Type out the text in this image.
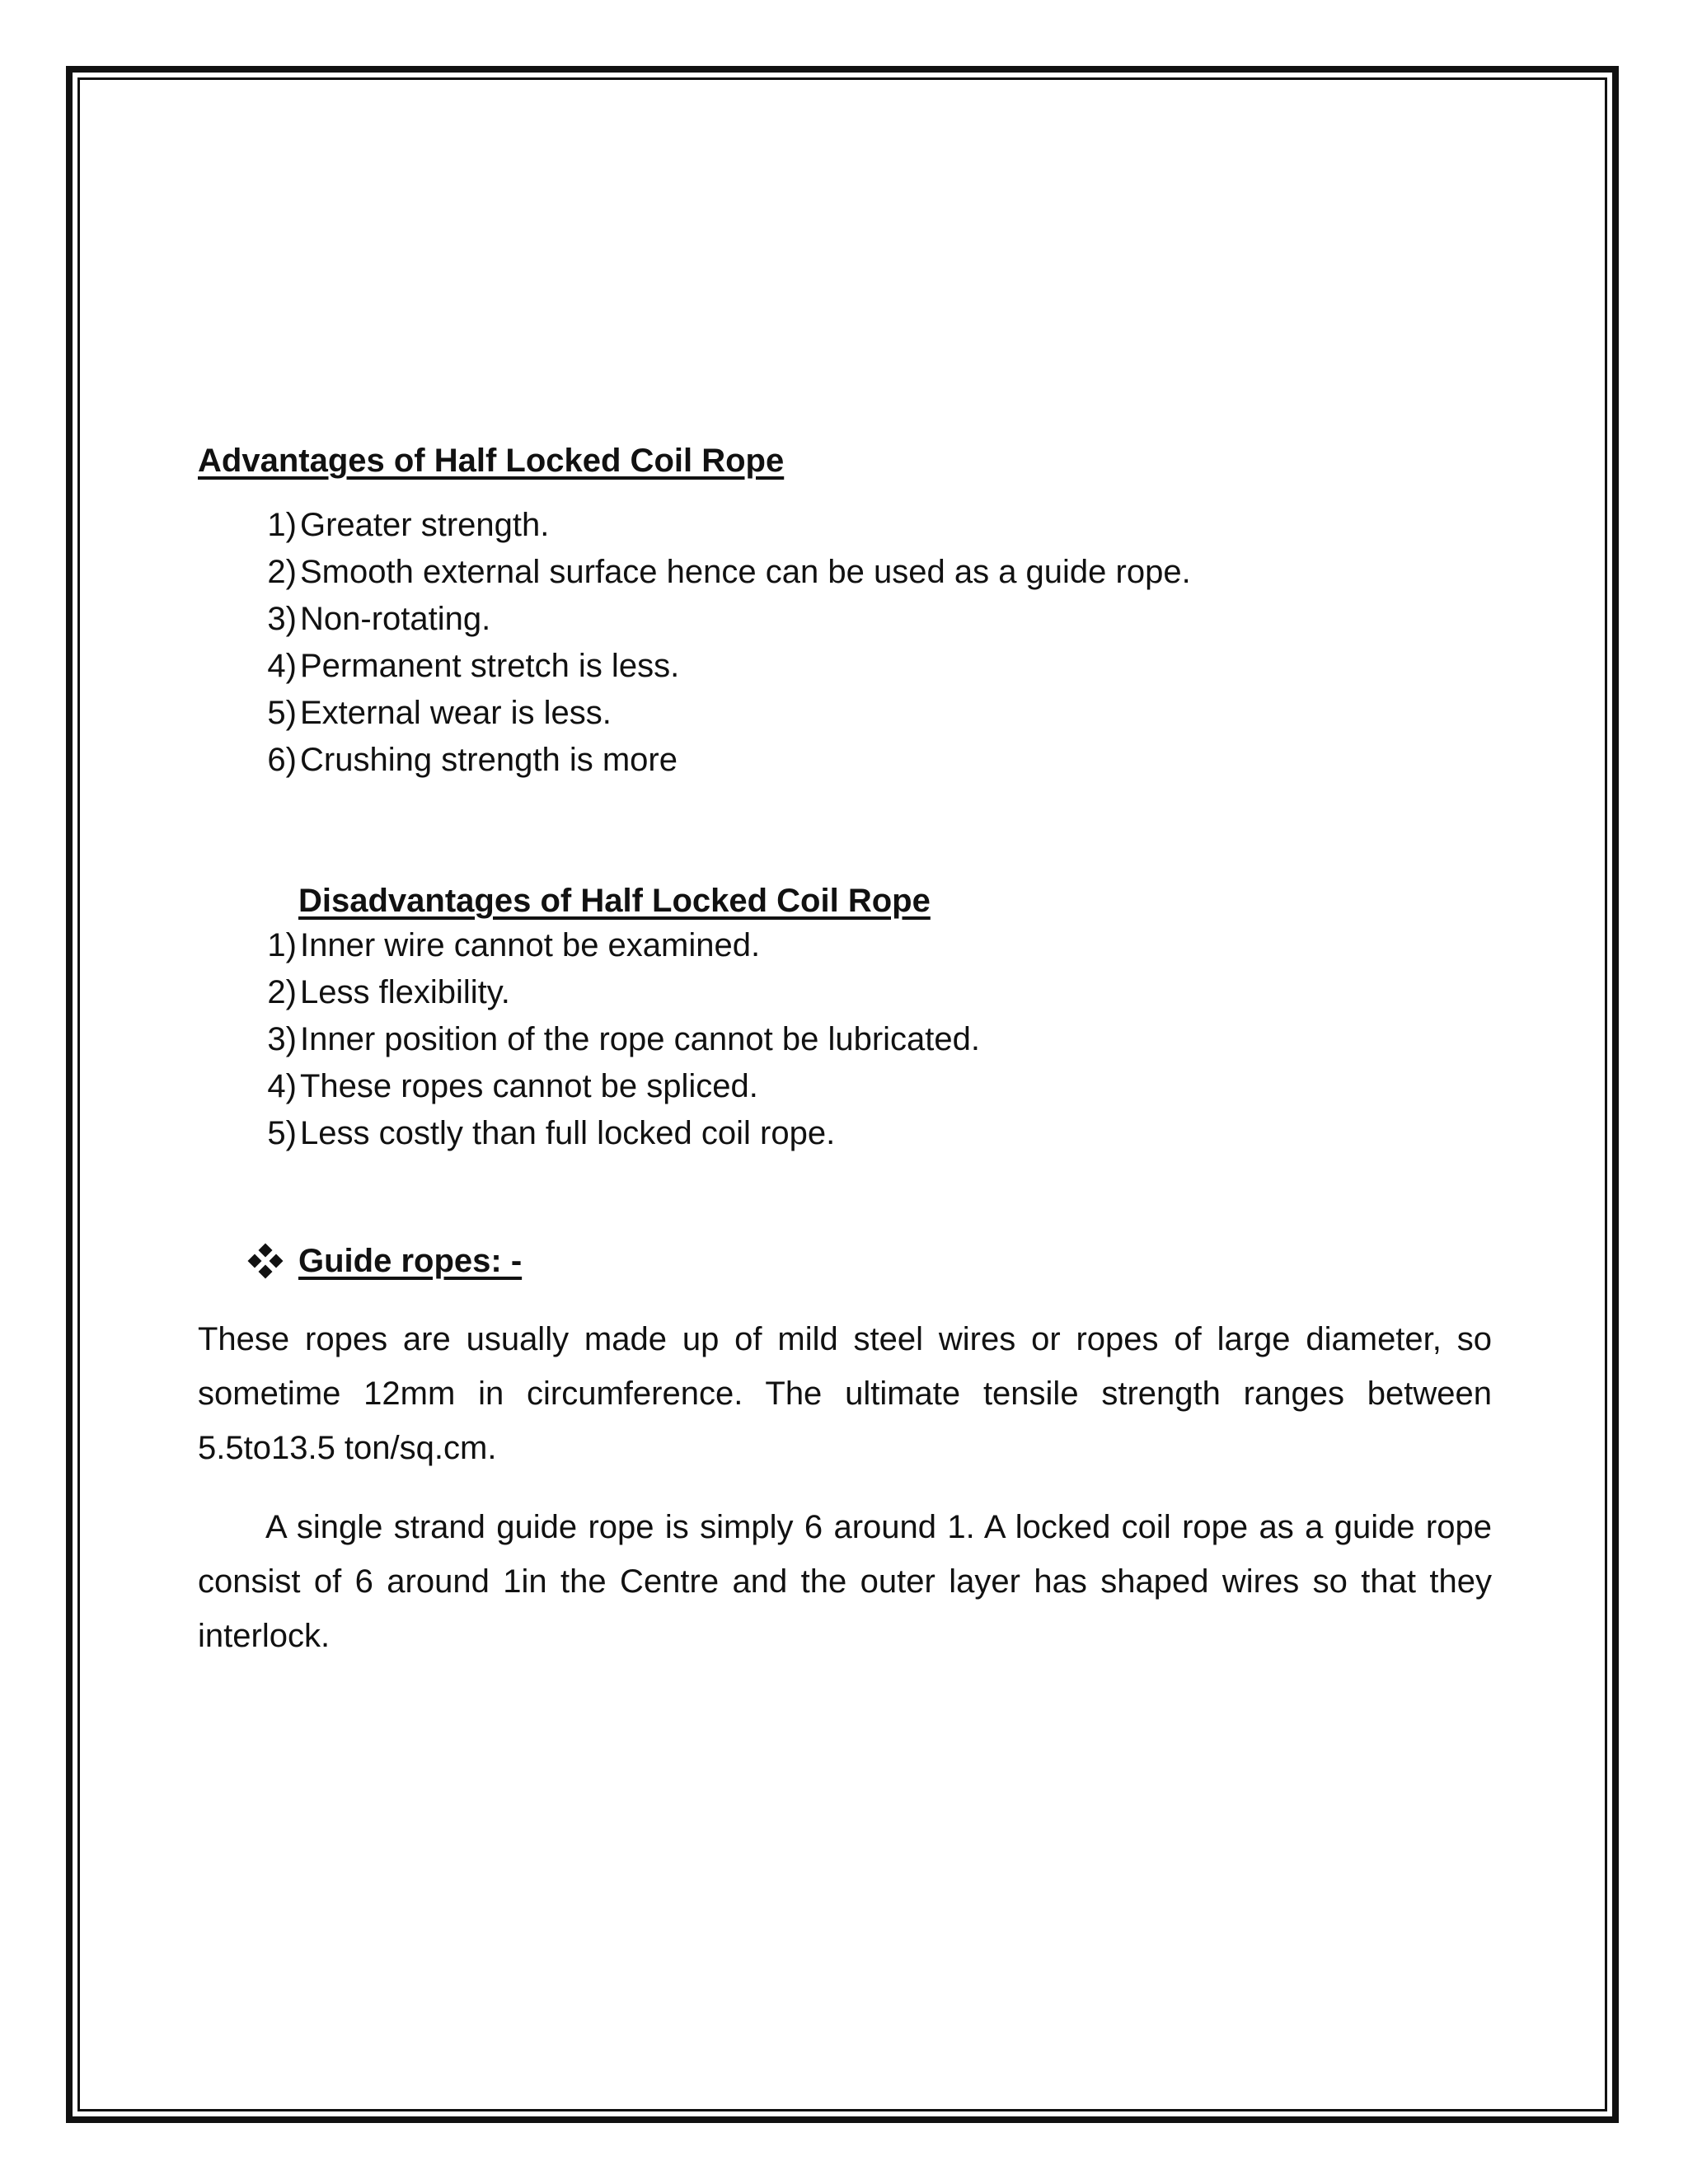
Advantages of Half Locked Coil Rope
1) Greater strength.
2) Smooth external surface hence can be used as a guide rope.
3) Non-rotating.
4) Permanent stretch is less.
5) External wear is less.
6) Crushing strength is more
Disadvantages of Half Locked Coil Rope
1) Inner wire cannot be examined.
2) Less flexibility.
3) Inner position of the rope cannot be lubricated.
4) These ropes cannot be spliced.
5) Less costly than full locked coil rope.
Guide ropes: -

These ropes are usually made up of mild steel wires or ropes of large diameter, so sometime 12mm in circumference. The ultimate tensile strength ranges between 5.5to13.5 ton/sq.cm.

A single strand guide rope is simply 6 around 1. A locked coil rope as a guide rope consist of 6 around 1in the Centre and the outer layer has shaped wires so that they interlock.
